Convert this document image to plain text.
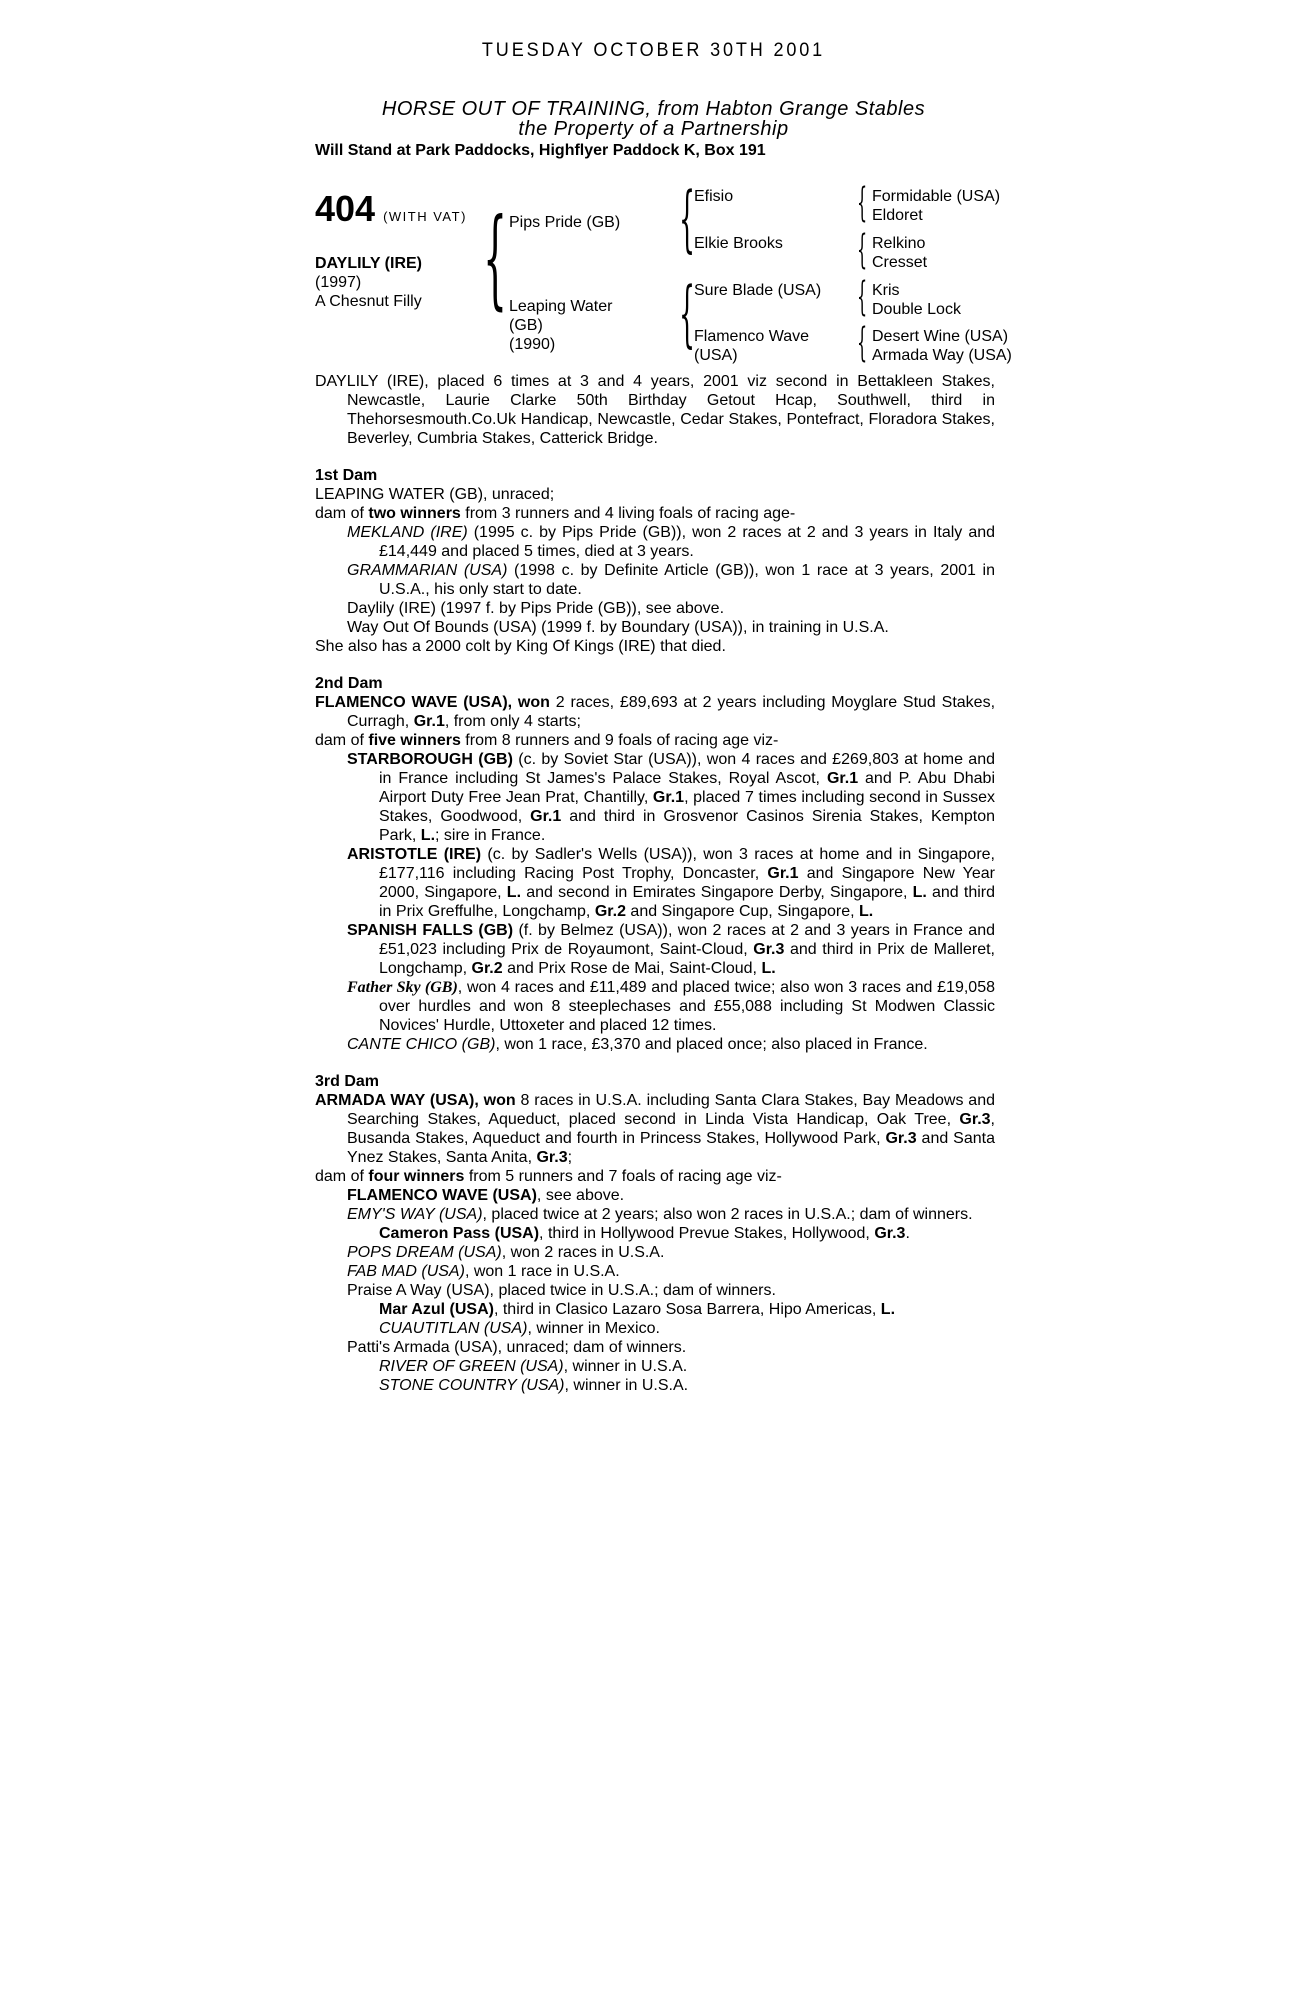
TUESDAY OCTOBER 30TH 2001
HORSE OUT OF TRAINING, from Habton Grange Stables
the Property of a Partnership
Will Stand at Park Paddocks, Highflyer Paddock K, Box 191
404 (WITH VAT)
DAYLILY (IRE)
(1997)
A Chesnut Filly { Pips Pride (GB)
Leaping Water
(GB)
(1990)
{
Efisio
Elkie Brooks
{
Sure Blade (USA)
Flamenco Wave
(USA)
{ Formidable (USA)
Eldoret
{ Relkino
Cresset
{ Kris
Double Lock
{ Desert Wine (USA)
Armada Way (USA)

DAYLILY (IRE), placed 6 times at 3 and 4 years, 2001 viz second in Bettakleen Stakes, Newcastle, Laurie Clarke 50th Birthday Getout Hcap, Southwell, third in Thehorsesmouth.Co.Uk Handicap, Newcastle, Cedar Stakes, Pontefract, Floradora Stakes, Beverley, Cumbria Stakes, Catterick Bridge.

1st Dam

LEAPING WATER (GB), unraced;

dam of two winners from 3 runners and 4 living foals of racing age-

MEKLAND (IRE) (1995 c. by Pips Pride (GB)), won 2 races at 2 and 3 years in Italy and £14,449 and placed 5 times, died at 3 years.

GRAMMARIAN (USA) (1998 c. by Definite Article (GB)), won 1 race at 3 years, 2001 in U.S.A., his only start to date.

Daylily (IRE) (1997 f. by Pips Pride (GB)), see above.

Way Out Of Bounds (USA) (1999 f. by Boundary (USA)), in training in U.S.A.

She also has a 2000 colt by King Of Kings (IRE) that died.

2nd Dam

FLAMENCO WAVE (USA), won 2 races, £89,693 at 2 years including Moyglare Stud Stakes, Curragh, Gr.1, from only 4 starts;

dam of five winners from 8 runners and 9 foals of racing age viz-

STARBOROUGH (GB) (c. by Soviet Star (USA)), won 4 races and £269,803 at home and in France including St James's Palace Stakes, Royal Ascot, Gr.1 and P. Abu Dhabi Airport Duty Free Jean Prat, Chantilly, Gr.1, placed 7 times including second in Sussex Stakes, Goodwood, Gr.1 and third in Grosvenor Casinos Sirenia Stakes, Kempton Park, L.; sire in France.

ARISTOTLE (IRE) (c. by Sadler's Wells (USA)), won 3 races at home and in Singapore, £177,116 including Racing Post Trophy, Doncaster, Gr.1 and Singapore New Year 2000, Singapore, L. and second in Emirates Singapore Derby, Singapore, L. and third in Prix Greffulhe, Longchamp, Gr.2 and Singapore Cup, Singapore, L.

SPANISH FALLS (GB) (f. by Belmez (USA)), won 2 races at 2 and 3 years in France and £51,023 including Prix de Royaumont, Saint-Cloud, Gr.3 and third in Prix de Malleret, Longchamp, Gr.2 and Prix Rose de Mai, Saint-Cloud, L.

Father Sky (GB), won 4 races and £11,489 and placed twice; also won 3 races and £19,058 over hurdles and won 8 steeplechases and £55,088 including St Modwen Classic Novices' Hurdle, Uttoxeter and placed 12 times.

CANTE CHICO (GB), won 1 race, £3,370 and placed once; also placed in France.

3rd Dam

ARMADA WAY (USA), won 8 races in U.S.A. including Santa Clara Stakes, Bay Meadows and Searching Stakes, Aqueduct, placed second in Linda Vista Handicap, Oak Tree, Gr.3, Busanda Stakes, Aqueduct and fourth in Princess Stakes, Hollywood Park, Gr.3 and Santa Ynez Stakes, Santa Anita, Gr.3;

dam of four winners from 5 runners and 7 foals of racing age viz-

FLAMENCO WAVE (USA), see above.

EMY'S WAY (USA), placed twice at 2 years; also won 2 races in U.S.A.; dam of winners.

Cameron Pass (USA), third in Hollywood Prevue Stakes, Hollywood, Gr.3.

POPS DREAM (USA), won 2 races in U.S.A.

FAB MAD (USA), won 1 race in U.S.A.

Praise A Way (USA), placed twice in U.S.A.; dam of winners.

Mar Azul (USA), third in Clasico Lazaro Sosa Barrera, Hipo Americas, L.

CUAUTITLAN (USA), winner in Mexico.

Patti's Armada (USA), unraced; dam of winners.

RIVER OF GREEN (USA), winner in U.S.A.

STONE COUNTRY (USA), winner in U.S.A.
